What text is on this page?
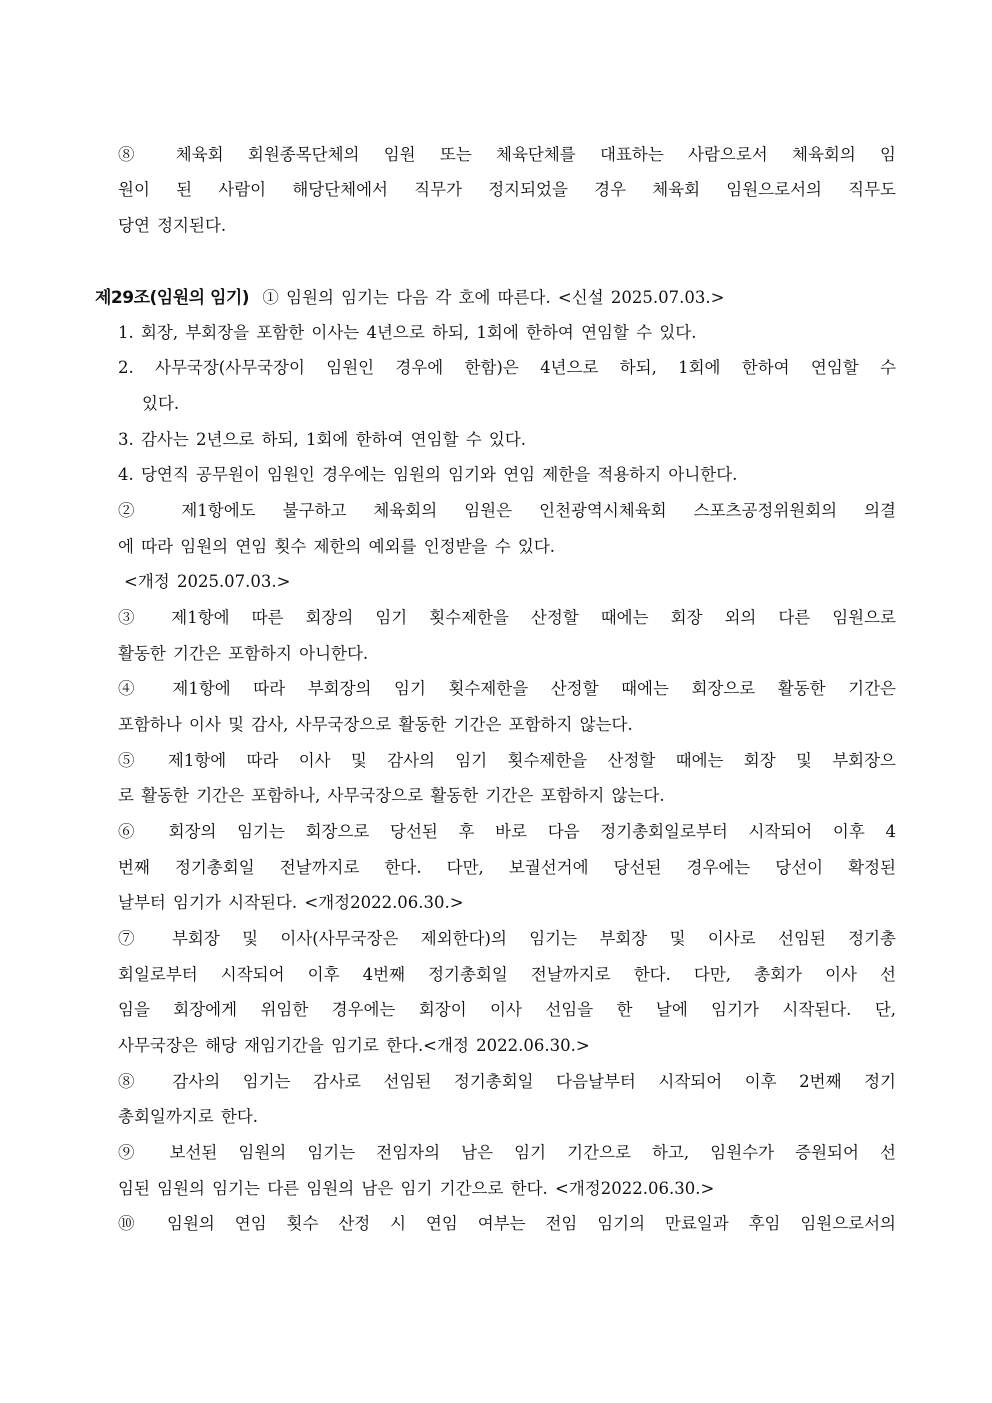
⑧ 체육회 회원종목단체의 임원 또는 체육단체를 대표하는 사람으로서 체육회의 임
원이 된 사람이 해당단체에서 직무가 정지되었을 경우 체육회 임원으로서의 직무도
당연 정지된다.
제29조(임원의 임기) ① 임원의 임기는 다음 각 호에 따른다. <신설 2025.07.03.>
1. 회장, 부회장을 포함한 이사는 4년으로 하되, 1회에 한하여 연임할 수 있다.
2. 사무국장(사무국장이 임원인 경우에 한함)은 4년으로 하되, 1회에 한하여 연임할 수
있다.
3. 감사는 2년으로 하되, 1회에 한하여 연임할 수 있다.
4. 당연직 공무원이 임원인 경우에는 임원의 임기와 연임 제한을 적용하지 아니한다.
② 제1항에도 불구하고 체육회의 임원은 인천광역시체육회 스포츠공정위원회의 의결
에 따라 임원의 연임 횟수 제한의 예외를 인정받을 수 있다.
<개정 2025.07.03.>
③ 제1항에 따른 회장의 임기 횟수제한을 산정할 때에는 회장 외의 다른 임원으로
활동한 기간은 포함하지 아니한다.
④ 제1항에 따라 부회장의 임기 횟수제한을 산정할 때에는 회장으로 활동한 기간은
포함하나 이사 및 감사, 사무국장으로 활동한 기간은 포함하지 않는다.
⑤ 제1항에 따라 이사 및 감사의 임기 횟수제한을 산정할 때에는 회장 및 부회장으
로 활동한 기간은 포함하나, 사무국장으로 활동한 기간은 포함하지 않는다.
⑥ 회장의 임기는 회장으로 당선된 후 바로 다음 정기총회일로부터 시작되어 이후 4
번째 정기총회일 전날까지로 한다. 다만, 보궐선거에 당선된 경우에는 당선이 확정된
날부터 임기가 시작된다. <개정2022.06.30.>
⑦ 부회장 및 이사(사무국장은 제외한다)의 임기는 부회장 및 이사로 선임된 정기총
회일로부터 시작되어 이후 4번째 정기총회일 전날까지로 한다. 다만, 총회가 이사 선
임을 회장에게 위임한 경우에는 회장이 이사 선임을 한 날에 임기가 시작된다. 단,
사무국장은 해당 재임기간을 임기로 한다.<개정 2022.06.30.>
⑧ 감사의 임기는 감사로 선임된 정기총회일 다음날부터 시작되어 이후 2번째 정기
총회일까지로 한다.
⑨ 보선된 임원의 임기는 전임자의 남은 임기 기간으로 하고, 임원수가 증원되어 선
임된 임원의 임기는 다른 임원의 남은 임기 기간으로 한다. <개정2022.06.30.>
⑩ 임원의 연임 횟수 산정 시 연임 여부는 전임 임기의 만료일과 후임 임원으로서의
